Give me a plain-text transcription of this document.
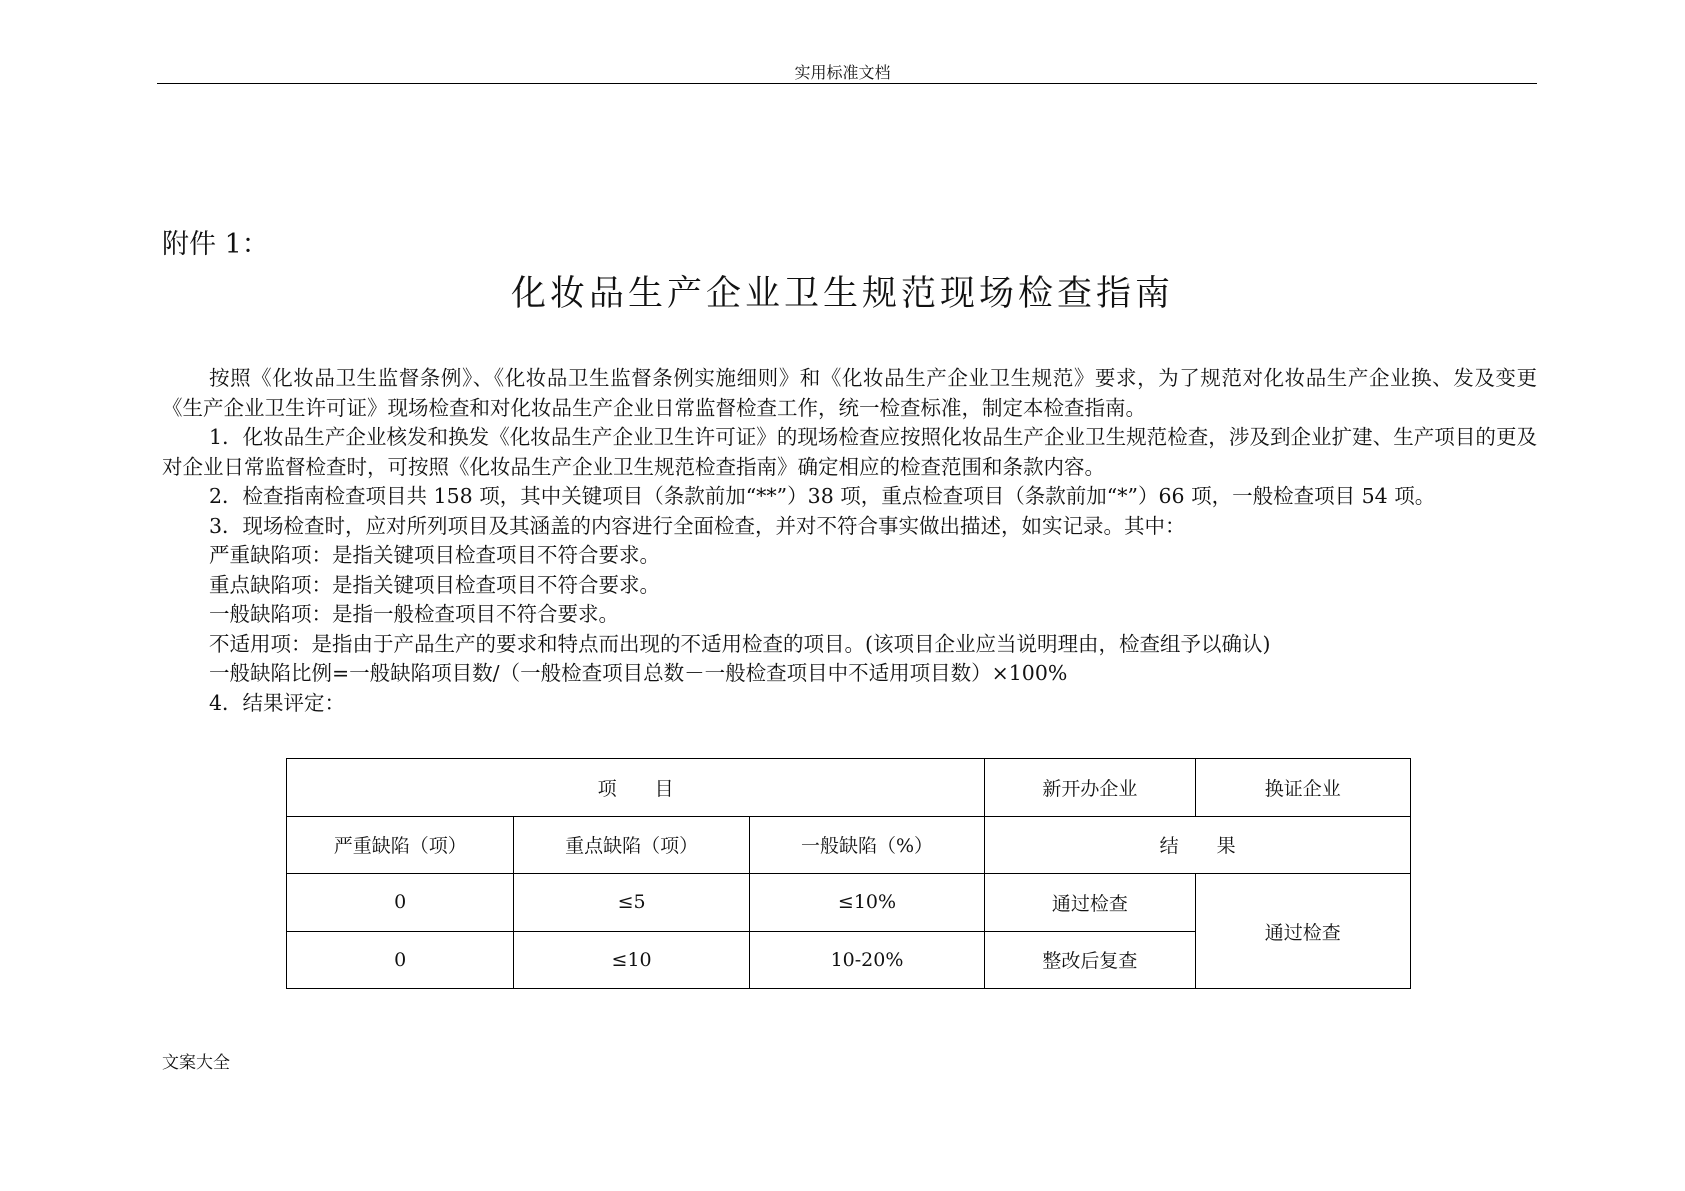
实用标准文档
附件 1：
化妆品生产企业卫生规范现场检查指南

按照《化妆品卫生监督条例》、《化妆品卫生监督条例实施细则》和《化妆品生产企业卫生规范》要求，为了规范对化妆品生产企业换、发及变更《生产企业卫生许可证》现场检查和对化妆品生产企业日常监督检查工作，统一检查标准，制定本检查指南。

1．化妆品生产企业核发和换发《化妆品生产企业卫生许可证》的现场检查应按照化妆品生产企业卫生规范检查，涉及到企业扩建、生产项目的更及对企业日常监督检查时，可按照《化妆品生产企业卫生规范检查指南》确定相应的检查范围和条款内容。

2．检查指南检查项目共 158 项，其中关键项目（条款前加“**”）38 项，重点检查项目（条款前加“*”）66 项，一般检查项目 54 项。

3．现场检查时，应对所列项目及其涵盖的内容进行全面检查，并对不符合事实做出描述，如实记录。其中：

严重缺陷项：是指关键项目检查项目不符合要求。

重点缺陷项：是指关键项目检查项目不符合要求。

一般缺陷项：是指一般检查项目不符合要求。

不适用项：是指由于产品生产的要求和特点而出现的不适用检查的项目。(该项目企业应当说明理由，检查组予以确认)

一般缺陷比例=一般缺陷项目数/（一般检查项目总数－一般检查项目中不适用项目数）×100%

4．结果评定：

项　　目			新开办企业	换证企业
严重缺陷（项）	重点缺陷（项）	一般缺陷（%）	结　　果	
0	≤5	≤10%	通过检查	通过检查
0	≤10	10-20%	整改后复查	
文案大全
